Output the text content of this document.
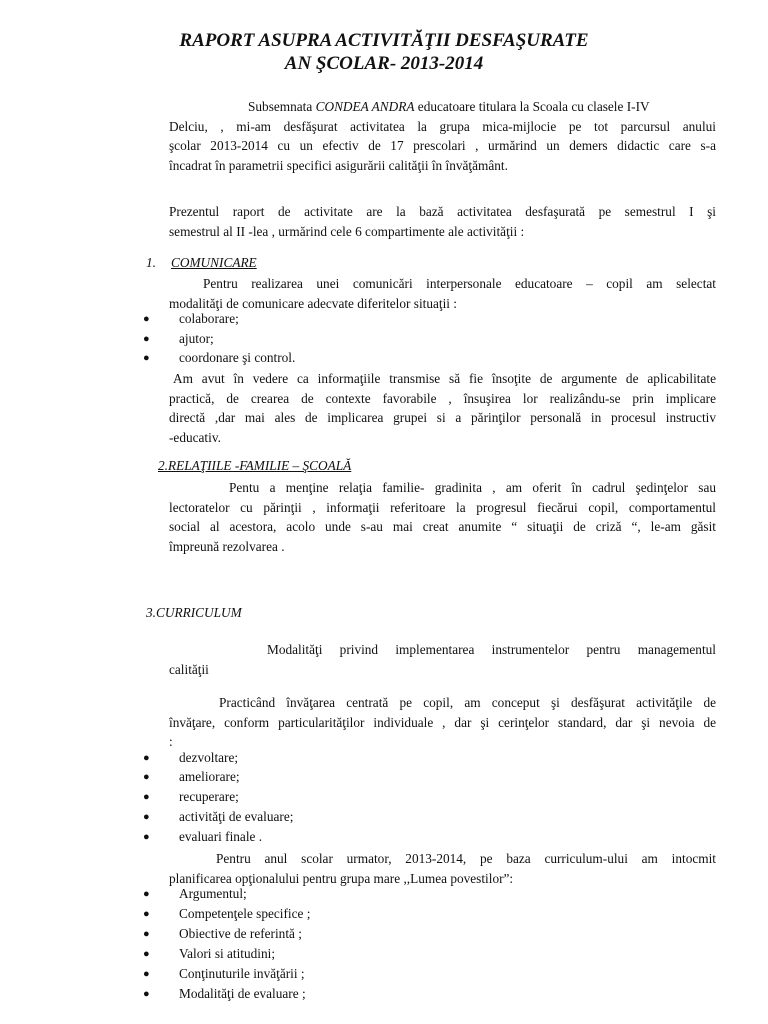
RAPORT ASUPRA ACTIVITĂŢII DESFAŞURATE
AN ŞCOLAR- 2013-2014
Subsemnata CONDEA ANDRA educatoare titulara la Scoala cu clasele I-IV
Delciu, , mi-am desfăşurat activitatea la grupa mica-mijlocie pe tot parcursul anului
şcolar 2013-2014 cu un efectiv de 17 prescolari , urmărind un demers didactic care s-a
încadrat în parametrii specifici asigurării calităţii în învăţământ.
Prezentul raport de activitate are la bază activitatea desfaşurată pe semestrul I şi
semestrul al II -lea , urmărind cele 6 compartimente ale activităţii :
1. COMUNICARE
Pentru realizarea unei comunicări interpersonale educatoare – copil am selectat
modalităţi de comunicare adecvate diferitelor situaţii :
● colaborare;
● ajutor;
● coordonare şi control.
Am avut în vedere ca informaţiile transmise să fie însoţite de argumente de aplicabilitate
practică, de crearea de contexte favorabile , însuşirea lor realizându-se prin implicare
directă ,dar mai ales de implicarea grupei si a părinţilor personală in procesul instructiv
-educativ.
2.RELAŢIILE -FAMILIE – ŞCOALĂ
Pentu a menţine relaţia familie- gradinita , am oferit în cadrul şedinţelor sau
lectoratelor cu părinţii , informaţii referitoare la progresul fiecărui copil, comportamentul
social al acestora, acolo unde s-au mai creat anumite “ situaţii de criză “, le-am găsit
împreună rezolvarea .
3.CURRICULUM
Modalităţi privind implementarea instrumentelor pentru managementul
calităţii
Practicând învăţarea centrată pe copil, am conceput şi desfăşurat activităţile de
învăţare, conform particularităţilor individuale , dar şi cerinţelor standard, dar şi nevoia de
:
● dezvoltare;
● ameliorare;
● recuperare;
● activităţi de evaluare;
● evaluari finale .
Pentru anul scolar urmator, 2013-2014, pe baza curriculum-ului am intocmit
planificarea opţionalului pentru grupa mare ,,Lumea povestilor”:
● Argumentul;
● Competenţele specifice ;
● Obiective de referintă ;
● Valori si atitudini;
● Conţinuturile invăţării ;
● Modalităţi de evaluare ;
